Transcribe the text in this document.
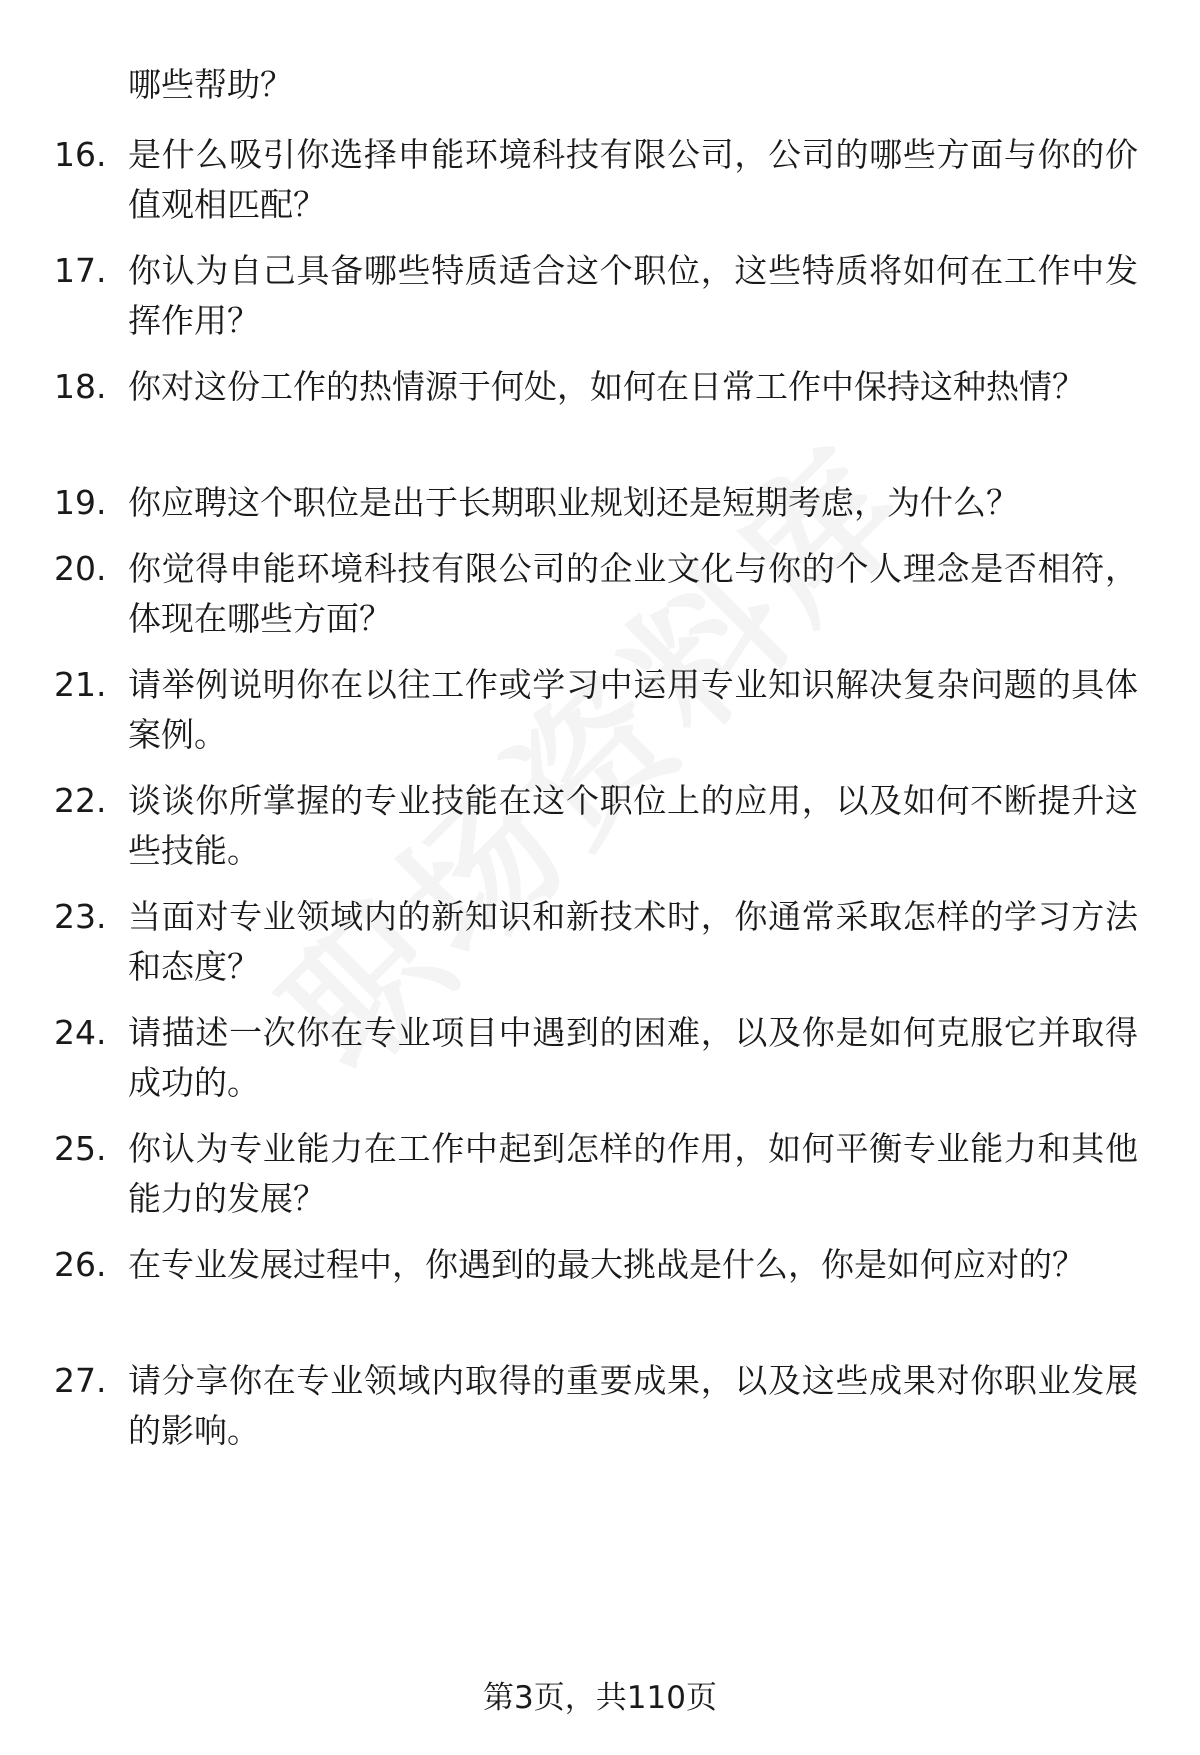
哪些帮助？
16. 是什么吸引你选择申能环境科技有限公司，公司的哪些方面与你的价值观相匹配？
17. 你认为自己具备哪些特质适合这个职位，这些特质将如何在工作中发挥作用？
18. 你对这份工作的热情源于何处，如何在日常工作中保持这种热情？
19. 你应聘这个职位是出于长期职业规划还是短期考虑，为什么？
20. 你觉得申能环境科技有限公司的企业文化与你的个人理念是否相符，体现在哪些方面？
21. 请举例说明你在以往工作或学习中运用专业知识解决复杂问题的具体案例。
22. 谈谈你所掌握的专业技能在这个职位上的应用，以及如何不断提升这些技能。
23. 当面对专业领域内的新知识和新技术时，你通常采取怎样的学习方法和态度？
24. 请描述一次你在专业项目中遇到的困难，以及你是如何克服它并取得成功的。
25. 你认为专业能力在工作中起到怎样的作用，如何平衡专业能力和其他能力的发展？
26. 在专业发展过程中，你遇到的最大挑战是什么，你是如何应对的？
27. 请分享你在专业领域内取得的重要成果，以及这些成果对你职业发展的影响。
第3页，共110页
